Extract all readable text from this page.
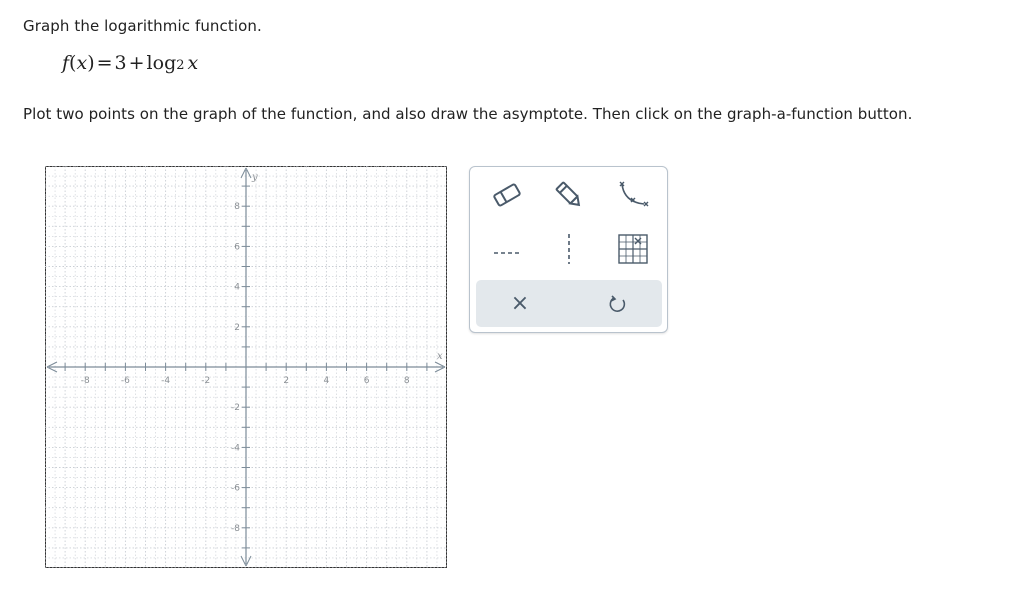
Graph the logarithmic function.
f ( x ) = 3 + log 2 x
Plot two points on the graph of the function, and also draw the asymptote. Then click on the graph-a-function button.
-8	-6	-4	-2	2	4	6	8
8
6
4
2
-2
-4
-6
-8
x
y
×
